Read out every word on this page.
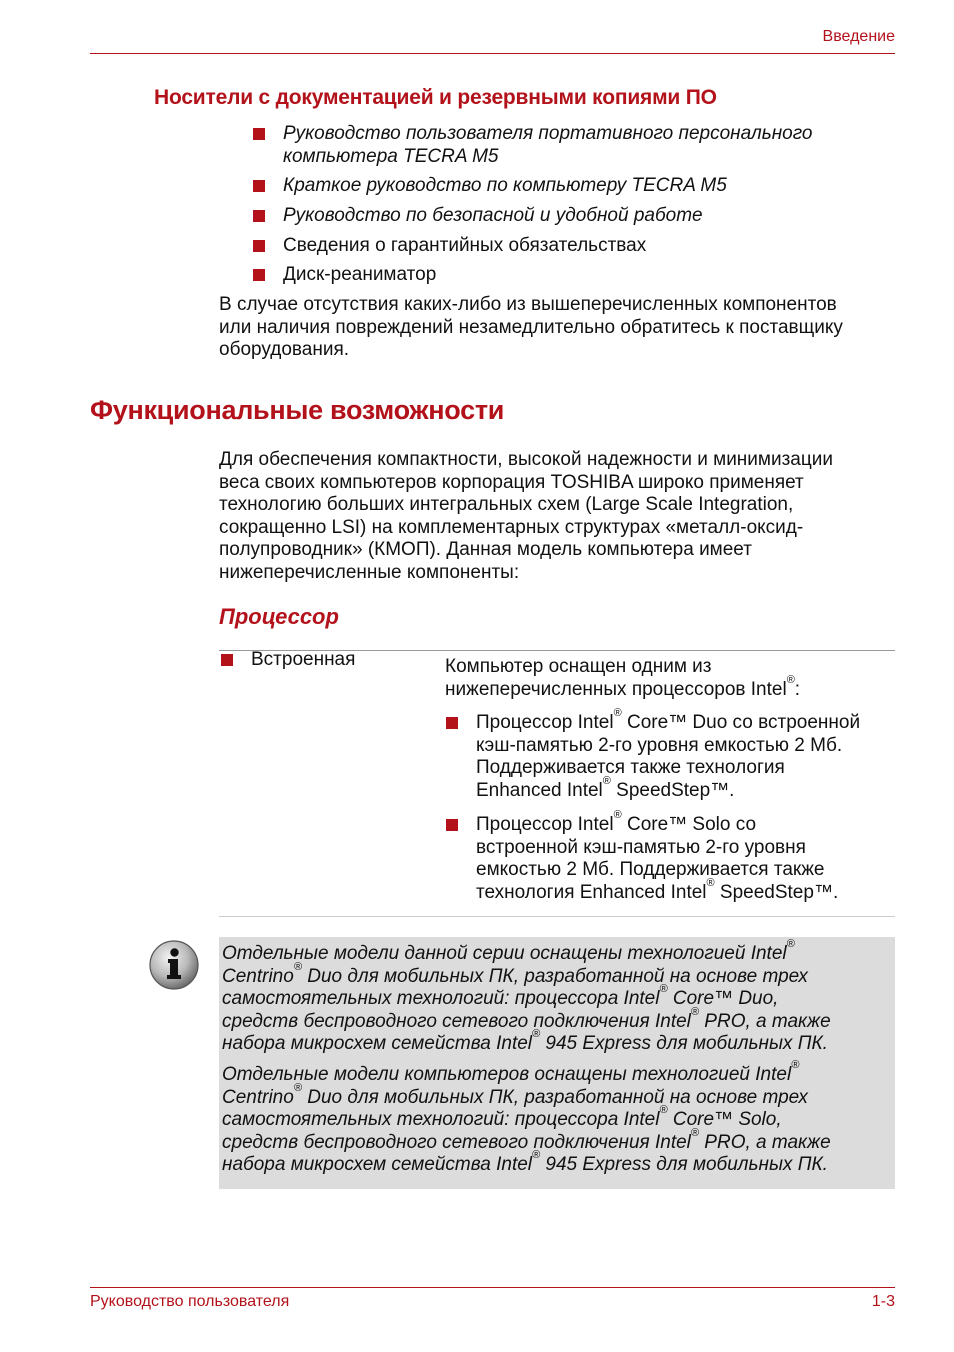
Введение
Носители с документацией и резервными копиями ПО
Руководство пользователя портативного персонального
компьютера TECRA M5
Краткое руководство по компьютеру TECRA M5
Руководство по безопасной и удобной работе
Сведения о гарантийных обязательствах
Диск-реаниматор
В случае отсутствия каких-либо из вышеперечисленных компонентов
или наличия повреждений незамедлительно обратитесь к поставщику
оборудования.
Функциональные возможности
Для обеспечения компактности, высокой надежности и минимизации
веса своих компьютеров корпорация TOSHIBA широко применяет
технологию больших интегральных схем (Large Scale Integration,
сокращенно LSI) на комплементарных структурах «металл-оксид-
полупроводник» (КМОП). Данная модель компьютера имеет
нижеперечисленные компоненты:
Процессор
Встроенная	Компьютер оснащен одним из
нижеперечисленных процессоров Intel®:
Процессор Intel® Core™ Duo со встроенной
кэш-памятью 2-го уровня емкостью 2 Мб.
Поддерживается также технология
Enhanced Intel® SpeedStep™.
Процессор Intel® Core™ Solo со
встроенной кэш-памятью 2-го уровня
емкостью 2 Мб. Поддерживается также
технология Enhanced Intel® SpeedStep™.
Отдельные модели данной серии оснащены технологией Intel®
Centrino® Duo для мобильных ПК, разработанной на основе трех
самостоятельных технологий: процессора Intel® Core™ Duo,
средств беспроводного сетевого подключения Intel® PRO, а также
набора микросхем семейства Intel® 945 Express для мобильных ПК.
Отдельные модели компьютеров оснащены технологией Intel®
Centrino® Duo для мобильных ПК, разработанной на основе трех
самостоятельных технологий: процессора Intel® Core™ Solo,
средств беспроводного сетевого подключения Intel® PRO, а также
набора микросхем семейства Intel® 945 Express для мобильных ПК.
Руководство пользователя	1-3
